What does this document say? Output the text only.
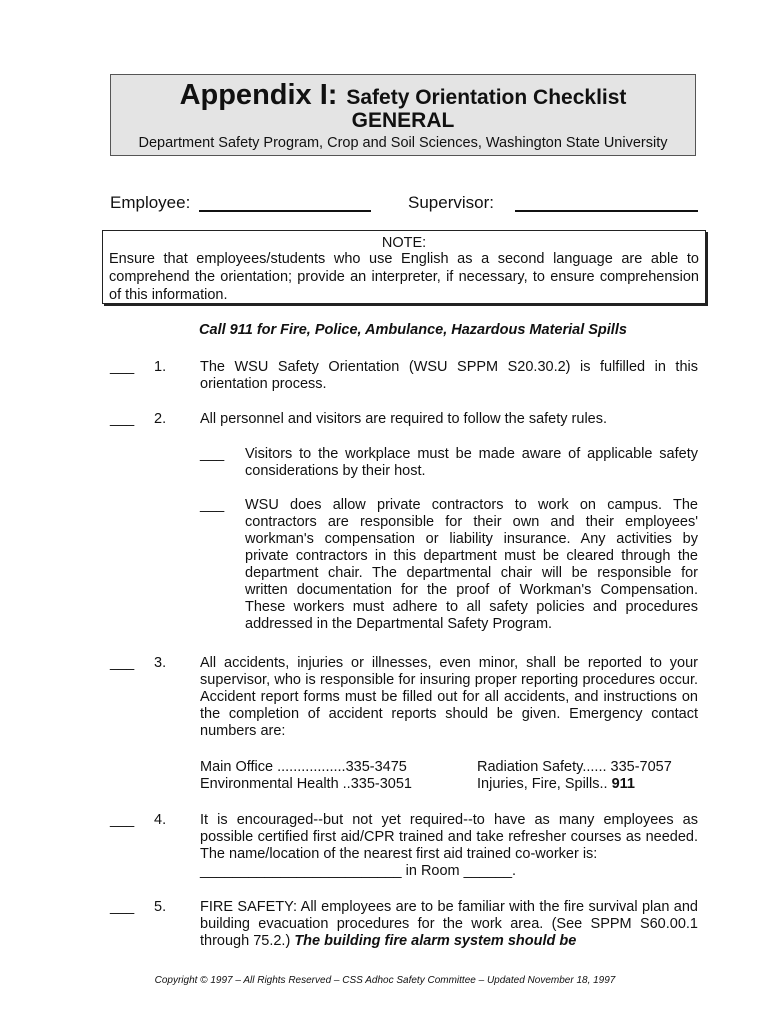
Appendix I: Safety Orientation Checklist
GENERAL
Department Safety Program, Crop and Soil Sciences, Washington State University
Employee:	Supervisor:
NOTE:
Ensure that employees/students who use English as a second language are able to comprehend the orientation; provide an interpreter, if necessary, to ensure comprehension of this information.
Call 911 for Fire, Police, Ambulance, Hazardous Material Spills
___ 1. The WSU Safety Orientation (WSU SPPM S20.30.2) is fulfilled in this orientation process.
___ 2. All personnel and visitors are required to follow the safety rules.
___ Visitors to the workplace must be made aware of applicable safety considerations by their host.
___ WSU does allow private contractors to work on campus. The contractors are responsible for their own and their employees' workman's compensation or liability insurance. Any activities by private contractors in this department must be cleared through the department chair. The departmental chair will be responsible for written documentation for the proof of Workman's Compensation. These workers must adhere to all safety policies and procedures addressed in the Departmental Safety Program.
___ 3. All accidents, injuries or illnesses, even minor, shall be reported to your supervisor, who is responsible for insuring proper reporting procedures occur. Accident report forms must be filled out for all accidents, and instructions on the completion of accident reports should be given. Emergency contact numbers are:
Main Office .................335-3475
Environmental Health ..335-3051
Radiation Safety...... 335-7057
Injuries, Fire, Spills.. 911
___ 4. It is encouraged--but not yet required--to have as many employees as possible certified first aid/CPR trained and take refresher courses as needed. The name/location of the nearest first aid trained co-worker is:
_________________________ in Room ______.
___ 5. FIRE SAFETY: All employees are to be familiar with the fire survival plan and building evacuation procedures for the work area. (See SPPM S60.00.1 through 75.2.) The building fire alarm system should be
Copyright © 1997 – All Rights Reserved – CSS Adhoc Safety Committee – Updated November 18, 1997
